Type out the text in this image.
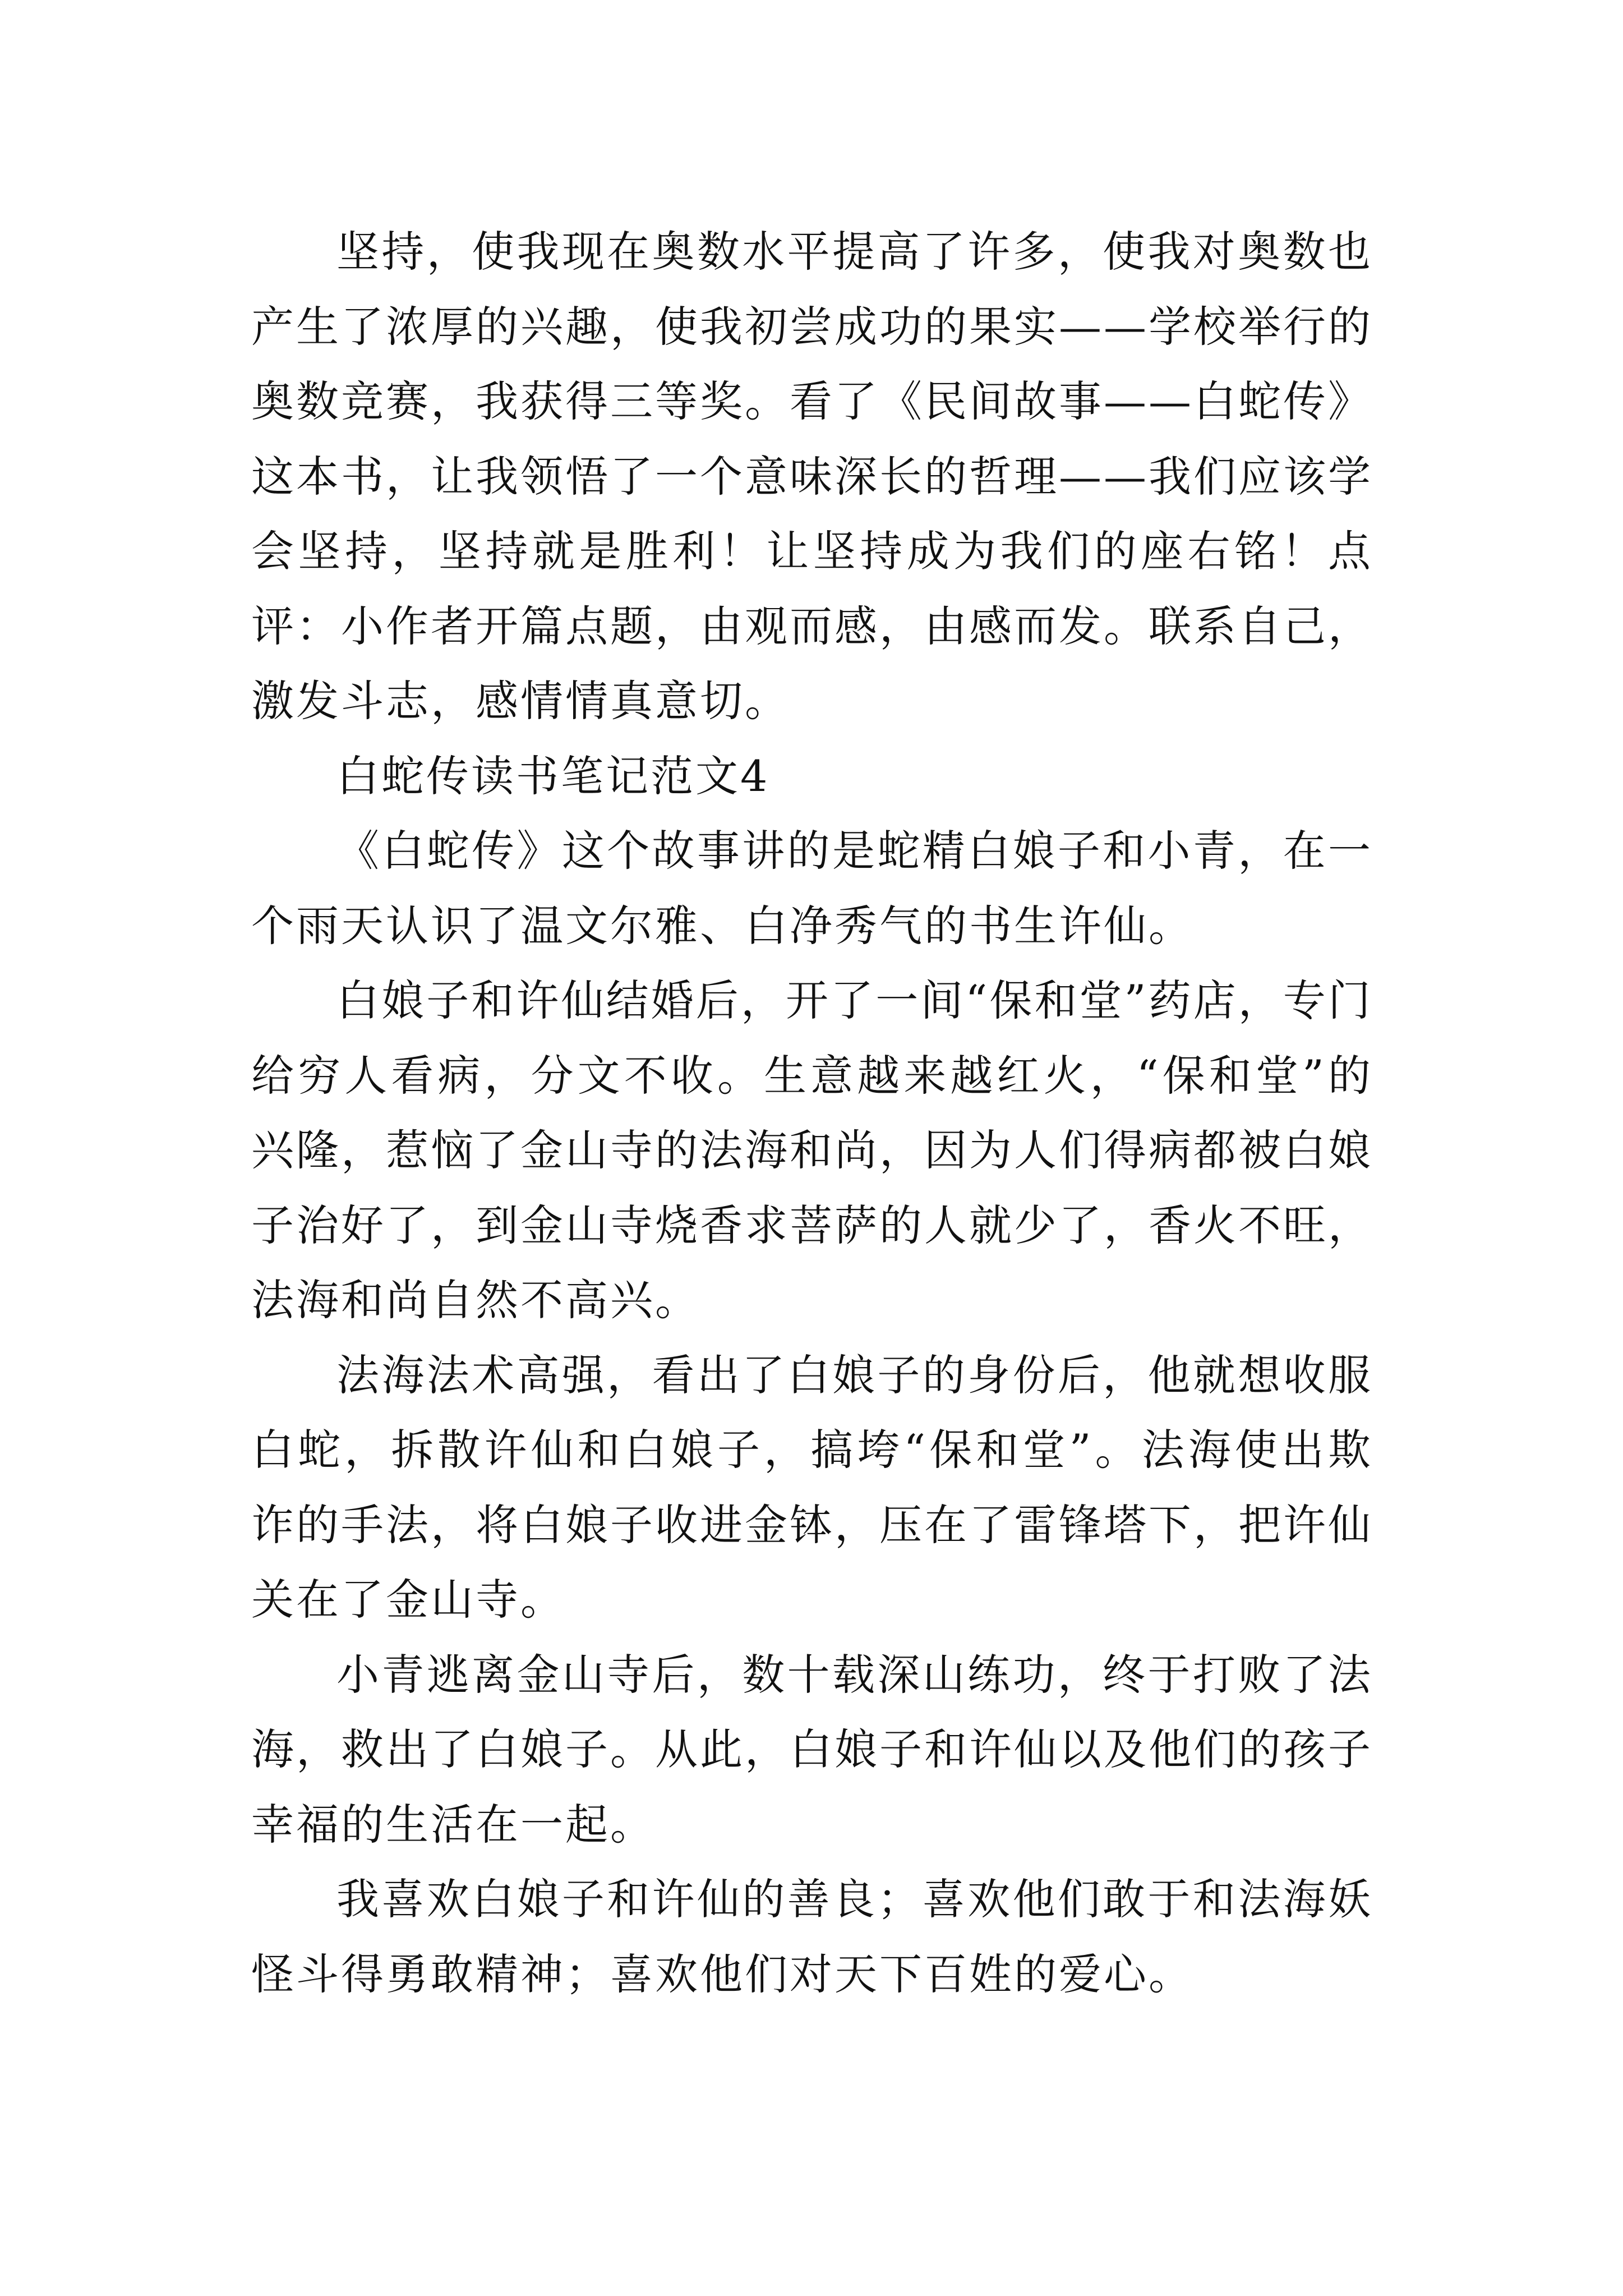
坚持，使我现在奥数水平提高了许多，使我对奥数也产生了浓厚的兴趣，使我初尝成功的果实——学校举行的奥数竞赛，我获得三等奖。看了《民间故事——白蛇传》这本书，让我领悟了一个意味深长的哲理——我们应该学会坚持，坚持就是胜利！让坚持成为我们的座右铭！点评：小作者开篇点题，由观而感，由感而发。联系自己，激发斗志，感情情真意切。

白蛇传读书笔记范文4

《白蛇传》这个故事讲的是蛇精白娘子和小青，在一个雨天认识了温文尔雅、白净秀气的书生许仙。

白娘子和许仙结婚后，开了一间“保和堂”药店，专门给穷人看病，分文不收。生意越来越红火，“保和堂”的兴隆，惹恼了金山寺的法海和尚，因为人们得病都被白娘子治好了，到金山寺烧香求菩萨的人就少了，香火不旺，法海和尚自然不高兴。

法海法术高强，看出了白娘子的身份后，他就想收服白蛇，拆散许仙和白娘子，搞垮“保和堂”。法海使出欺诈的手法，将白娘子收进金钵，压在了雷锋塔下，把许仙关在了金山寺。

小青逃离金山寺后，数十载深山练功，终于打败了法海，救出了白娘子。从此，白娘子和许仙以及他们的孩子幸福的生活在一起。

我喜欢白娘子和许仙的善良；喜欢他们敢于和法海妖怪斗得勇敢精神；喜欢他们对天下百姓的爱心。
